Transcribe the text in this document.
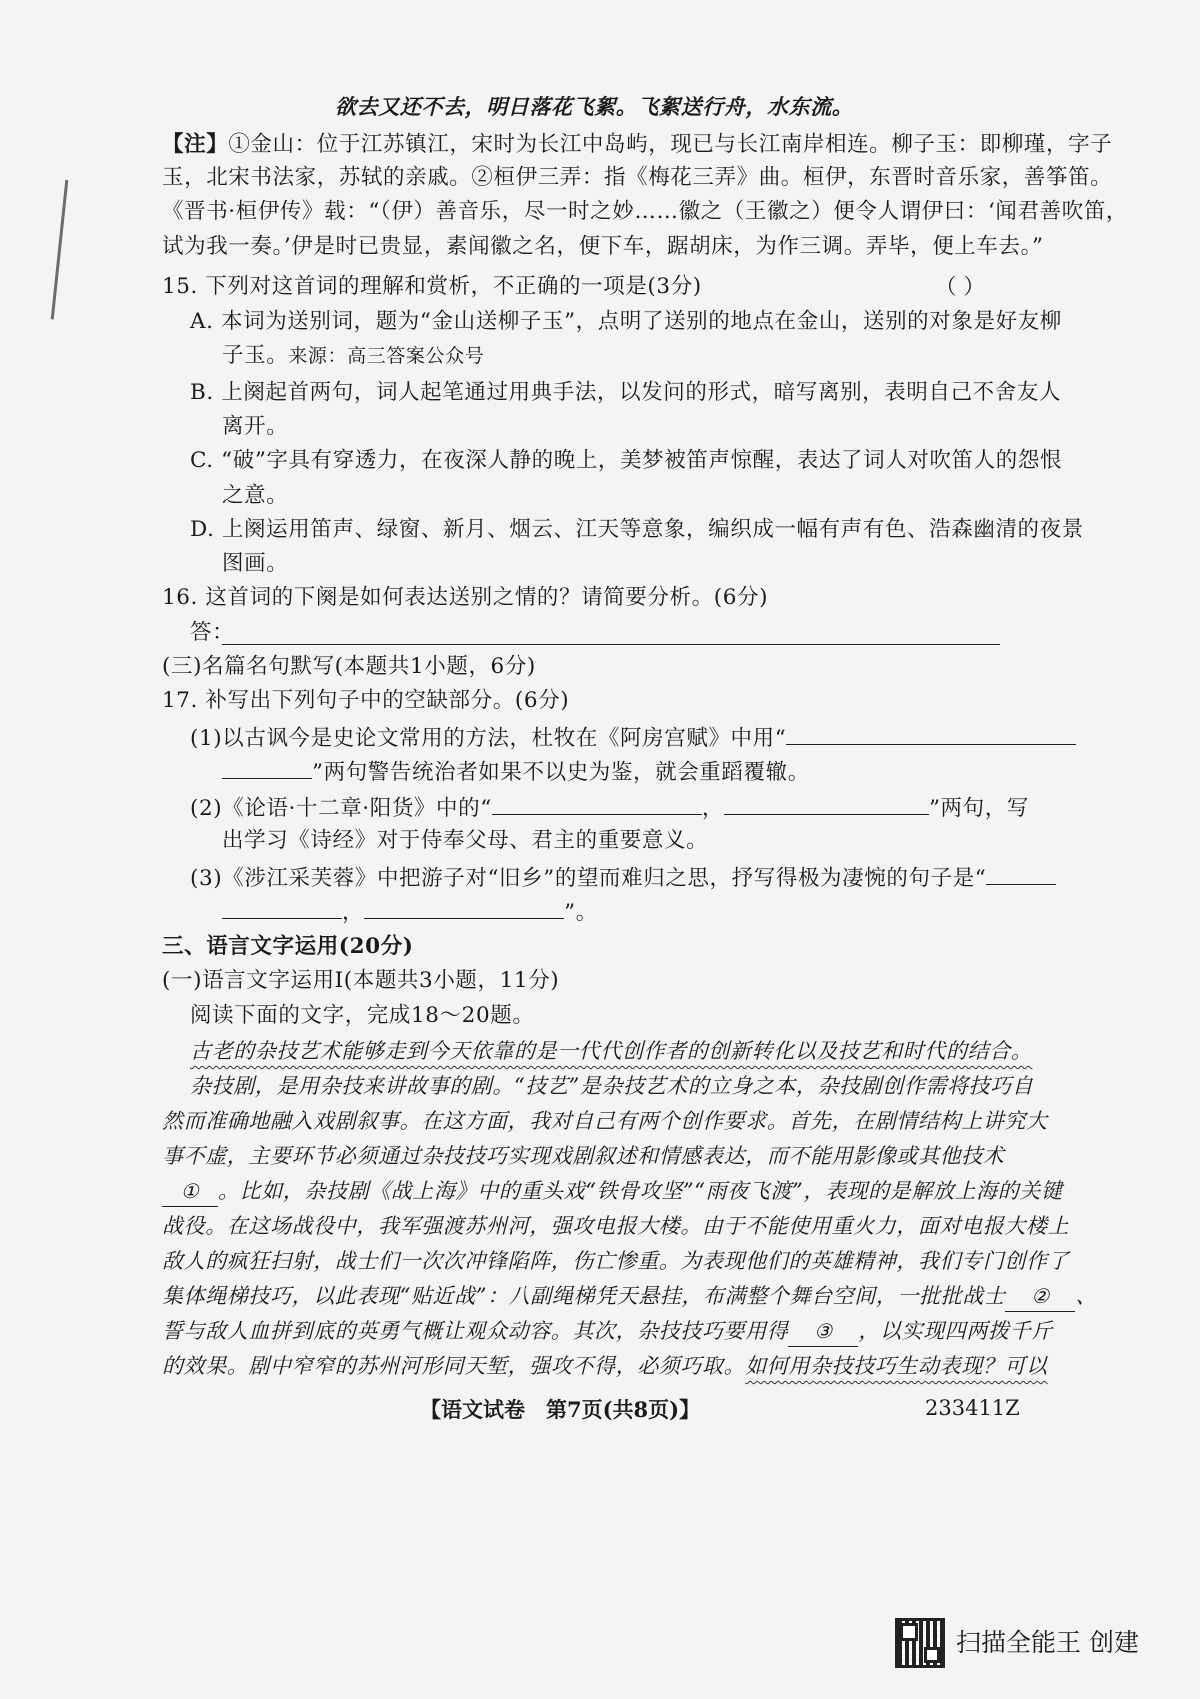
欲去又还不去，明日落花飞絮。飞絮送行舟，水东流。
【注】①金山：位于江苏镇江，宋时为长江中岛屿，现已与长江南岸相连。柳子玉：即柳瑾，字子
玉，北宋书法家，苏轼的亲戚。②桓伊三弄：指《梅花三弄》曲。桓伊，东晋时音乐家，善筝笛。
《晋书·桓伊传》载：“（伊）善音乐，尽一时之妙……徽之（王徽之）便令人谓伊曰：‘闻君善吹笛，
试为我一奏。’伊是时已贵显，素闻徽之名，便下车，踞胡床，为作三调。弄毕，便上车去。”
15. 下列对这首词的理解和赏析，不正确的一项是(3分)	（ ）
A. 本词为送别词，题为“金山送柳子玉”，点明了送别的地点在金山，送别的对象是好友柳
子玉。来源：高三答案公众号
B. 上阕起首两句，词人起笔通过用典手法，以发问的形式，暗写离别，表明自己不舍友人
离开。
C. “破”字具有穿透力，在夜深人静的晚上，美梦被笛声惊醒，表达了词人对吹笛人的怨恨
之意。
D. 上阕运用笛声、绿窗、新月、烟云、江天等意象，编织成一幅有声有色、浩森幽清的夜景
图画。
16. 这首词的下阕是如何表达送别之情的？请简要分析。(6分)
答：
(三)名篇名句默写(本题共1小题，6分)
17. 补写出下列句子中的空缺部分。(6分)
(1)以古讽今是史论文常用的方法，杜牧在《阿房宫赋》中用“
”两句警告统治者如果不以史为鉴，就会重蹈覆辙。
(2)《论语·十二章·阳货》中的“	，	”两句，写
出学习《诗经》对于侍奉父母、君主的重要意义。
(3)《涉江采芙蓉》中把游子对“旧乡”的望而难归之思，抒写得极为凄惋的句子是“
，	”。
三、语言文字运用(20分)
(一)语言文字运用Ⅰ(本题共3小题，11分)
阅读下面的文字，完成18～20题。
古老的杂技艺术能够走到今天依靠的是一代代创作者的创新转化以及技艺和时代的结合。
杂技剧，是用杂技来讲故事的剧。“技艺”是杂技艺术的立身之本，杂技剧创作需将技巧自
然而准确地融入戏剧叙事。在这方面，我对自己有两个创作要求。首先，在剧情结构上讲究大
事不虚，主要环节必须通过杂技技巧实现戏剧叙述和情感表达，而不能用影像或其他技术
① 。比如，杂技剧《战上海》中的重头戏“铁骨攻坚”“雨夜飞渡”，表现的是解放上海的关键
战役。在这场战役中，我军强渡苏州河，强攻电报大楼。由于不能使用重火力，面对电报大楼上
敌人的疯狂扫射，战士们一次次冲锋陷阵，伤亡惨重。为表现他们的英雄精神，我们专门创作了
集体绳梯技巧，以此表现“贴近战”：八副绳梯凭天悬挂，布满整个舞台空间，一批批战士 ② 、
誓与敌人血拼到底的英勇气概让观众动容。其次，杂技技巧要用得 ③ ，以实现四两拨千斤
的效果。剧中窄窄的苏州河形同天堑，强攻不得，必须巧取。如何用杂技技巧生动表现？可以
【语文试卷　第7页(共8页)】	233411Z
扫描全能王 创建
